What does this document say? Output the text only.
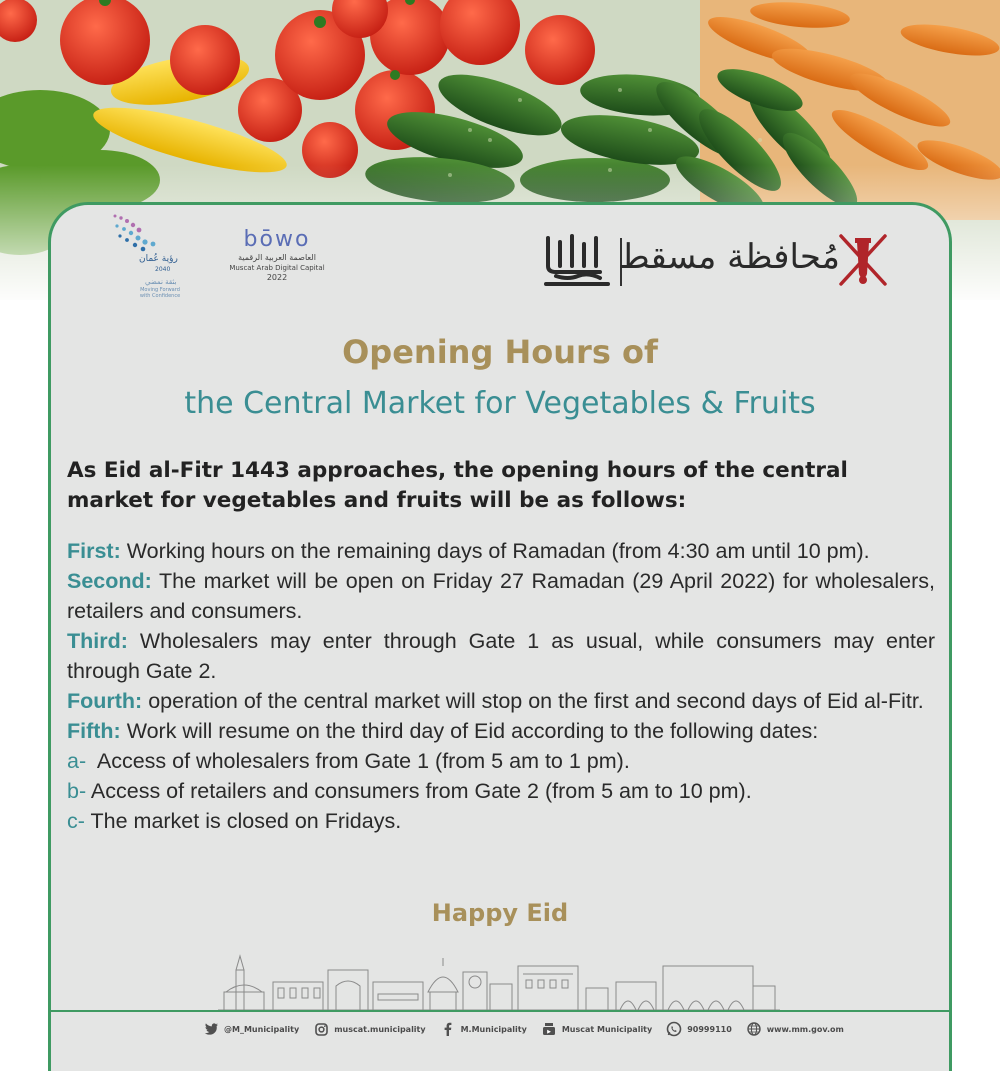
رؤية عُمان
2040
بثقة نمضي
Moving Forward with Confidence
bōwo
العاصمة العربية الرقمية
Muscat Arab Digital Capital
2022
مُحافظة مسقط
Opening Hours of
the Central Market for Vegetables & Fruits
As Eid al-Fitr 1443 approaches, the opening hours of the central market for vegetables and fruits will be as follows:
First: Working hours on the remaining days of Ramadan (from 4:30 am until 10 pm).
Second: The market will be open on Friday 27 Ramadan (29 April 2022) for wholesalers, retailers and consumers.
Third: Wholesalers may enter through Gate 1 as usual, while consumers may enter through Gate 2.
Fourth: operation of the central market will stop on the first and second days of Eid al-Fitr.
Fifth: Work will resume on the third day of Eid according to the following dates:
a-  Access of wholesalers from Gate 1 (from 5 am to 1 pm).
b- Access of retailers and consumers from Gate 2 (from 5 am to 10 pm).
c- The market is closed on Fridays.
Happy Eid
@M_Municipality	muscat.municipality	M.Municipality	▶ Muscat Municipality	90999110	www.mm.gov.om
